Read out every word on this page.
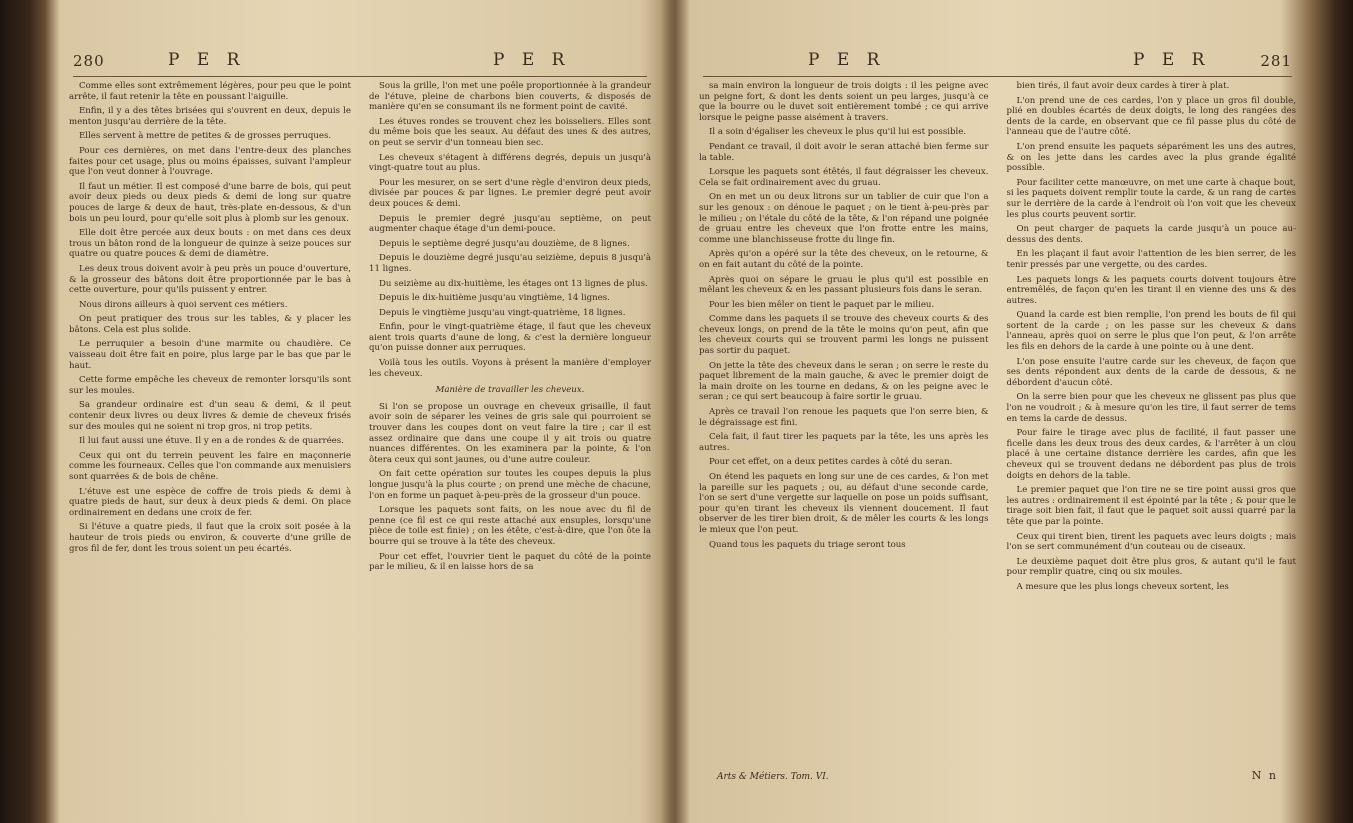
280	P E R	P E R

Comme elles sont extrêmement légères, pour peu que le point arrête, il faut retenir la tête en poussant l'aiguille.

Enfin, il y a des têtes brisées qui s'ouvrent en deux, depuis le menton jusqu'au derrière de la tête.

Elles servent à mettre de petites & de grosses perruques.

Pour ces dernières, on met dans l'entre-deux des planches faites pour cet usage, plus ou moins épaisses, suivant l'ampleur que l'on veut donner à l'ouvrage.

Il faut un métier. Il est composé d'une barre de bois, qui peut avoir deux pieds ou deux pieds & demi de long sur quatre pouces de large & deux de haut, très-plate en-dessous, & d'un bois un peu lourd, pour qu'elle soit plus à plomb sur les genoux.

Elle doit être percée aux deux bouts : on met dans ces deux trous un bâton rond de la longueur de quinze à seize pouces sur quatre ou quatre pouces & demi de diamètre.

Les deux trous doivent avoir à peu près un pouce d'ouverture, & la grosseur des bâtons doit être proportionnée par le bas à cette ouverture, pour qu'ils puissent y entrer.

Nous dirons ailleurs à quoi servent ces métiers.

On peut pratiquer des trous sur les tables, & y placer les bâtons. Cela est plus solide.

Le perruquier a besoin d'une marmite ou chaudière. Ce vaisseau doit être fait en poire, plus large par le bas que par le haut.

Cette forme empêche les cheveux de remonter lorsqu'ils sont sur les moules.

Sa grandeur ordinaire est d'un seau & demi, & il peut contenir deux livres ou deux livres & demie de cheveux frisés sur des moules qui ne soient ni trop gros, ni trop petits.

Il lui faut aussi une étuve. Il y en a de rondes & de quarrées.

Ceux qui ont du terrein peuvent les faire en maçonnerie comme les fourneaux. Celles que l'on commande aux menuisiers sont quarrées & de bois de chêne.

L'étuve est une espèce de coffre de trois pieds & demi à quatre pieds de haut, sur deux à deux pieds & demi. On place ordinairement en dedans une croix de fer.

Si l'étuve a quatre pieds, il faut que la croix soit posée à la hauteur de trois pieds ou environ, & couverte d'une grille de gros fil de fer, dont les trous soient un peu écartés.

Sous la grille, l'on met une poêle proportionnée à la grandeur de l'étuve, pleine de charbons bien couverts, & disposés de manière qu'en se consumant ils ne forment point de cavité.

Les étuves rondes se trouvent chez les boisseliers. Elles sont du même bois que les seaux. Au défaut des unes & des autres, on peut se servir d'un tonneau bien sec.

Les cheveux s'étagent à différens degrés, depuis un jusqu'à vingt-quatre tout au plus.

Pour les mesurer, on se sert d'une règle d'environ deux pieds, divisée par pouces & par lignes. Le premier degré peut avoir deux pouces & demi.

Depuis le premier degré jusqu'au septième, on peut augmenter chaque étage d'un demi-pouce.

Depuis le septième degré jusqu'au douzième, de 8 lignes.

Depuis le douzième degré jusqu'au seizième, depuis 8 jusqu'à 11 lignes.

Du seizième au dix-huitième, les étages ont 13 lignes de plus.

Depuis le dix-huitième jusqu'au vingtième, 14 lignes.

Depuis le vingtième jusqu'au vingt-quatrième, 18 lignes.

Enfin, pour le vingt-quatrième étage, il faut que les cheveux aient trois quarts d'aune de long, & c'est la dernière longueur qu'on puisse donner aux perruques.

Voilà tous les outils. Voyons à présent la manière d'employer les cheveux.

Manière de travailler les cheveux.

Si l'on se propose un ouvrage en cheveux grisaille, il faut avoir soin de séparer les veines de gris sale qui pourroient se trouver dans les coupes dont on veut faire la tire ; car il est assez ordinaire que dans une coupe il y ait trois ou quatre nuances différentes. On les examinera par la pointe, & l'on ôtera ceux qui sont jaunes, ou d'une autre couleur.

On fait cette opération sur toutes les coupes depuis la plus longue jusqu'à la plus courte ; on prend une mèche de chacune, l'on en forme un paquet à-peu-près de la grosseur d'un pouce.

Lorsque les paquets sont faits, on les noue avec du fil de penne (ce fil est ce qui reste attaché aux ensuples, lorsqu'une pièce de toile est finie) ; on les étête, c'est-à-dire, que l'on ôte la bourre qui se trouve à la tête des cheveux.

Pour cet effet, l'ouvrier tient le paquet du côté de la pointe par le milieu, & il en laisse hors de sa

P E R	P E R	281

sa main environ la longueur de trois doigts : il les peigne avec un peigne fort, & dont les dents soient un peu larges, jusqu'à ce que la bourre ou le duvet soit entièrement tombé ; ce qui arrive lorsque le peigne passe aisément à travers.

Il a soin d'égaliser les cheveux le plus qu'il lui est possible.

Pendant ce travail, il doit avoir le seran attaché bien ferme sur la table.

Lorsque les paquets sont étêtés, il faut dégraisser les cheveux. Cela se fait ordinairement avec du gruau.

On en met un ou deux litrons sur un tablier de cuir que l'on a sur les genoux : on dénoue le paquet ; on le tient à-peu-près par le milieu ; on l'étale du côté de la tête, & l'on répand une poignée de gruau entre les cheveux que l'on frotte entre les mains, comme une blanchisseuse frotte du linge fin.

Après qu'on a opéré sur la tête des cheveux, on le retourne, & on en fait autant du côté de la pointe.

Après quoi on sépare le gruau le plus qu'il est possible en mêlant les cheveux & en les passant plusieurs fois dans le seran.

Pour les bien mêler on tient le paquet par le milieu.

Comme dans les paquets il se trouve des cheveux courts & des cheveux longs, on prend de la tête le moins qu'on peut, afin que les cheveux courts qui se trouvent parmi les longs ne puissent pas sortir du paquet.

On jette la tête des cheveux dans le seran ; on serre le reste du paquet librement de la main gauche, & avec le premier doigt de la main droite on les tourne en dedans, & on les peigne avec le seran ; ce qui sert beaucoup à faire sortir le gruau.

Après ce travail l'on renoue les paquets que l'on serre bien, & le dégraissage est fini.

Cela fait, il faut tirer les paquets par la tête, les uns après les autres.

Pour cet effet, on a deux petites cardes à côté du seran.

On étend les paquets en long sur une de ces cardes, & l'on met la pareille sur les paquets ; ou, au défaut d'une seconde carde, l'on se sert d'une vergette sur laquelle on pose un poids suffisant, pour qu'en tirant les cheveux ils viennent doucement. Il faut observer de les tirer bien droit, & de mêler les courts & les longs le mieux que l'on peut.

Quand tous les paquets du triage seront tous

bien tirés, il faut avoir deux cardes à tirer à plat.

L'on prend une de ces cardes, l'on y place un gros fil double, plié en doubles écartés de deux doigts, le long des rangées des dents de la carde, en observant que ce fil passe plus du côté de l'anneau que de l'autre côté.

L'on prend ensuite les paquets séparément les uns des autres, & on les jette dans les cardes avec la plus grande égalité possible.

Pour faciliter cette manœuvre, on met une carte à chaque bout, si les paquets doivent remplir toute la carde, & un rang de cartes sur le derrière de la carde à l'endroit où l'on voit que les cheveux les plus courts peuvent sortir.

On peut charger de paquets la carde jusqu'à un pouce au-dessus des dents.

En les plaçant il faut avoir l'attention de les bien serrer, de les tenir pressés par une vergette, ou des cardes.

Les paquets longs & les paquets courts doivent toujours être entremêlés, de façon qu'en les tirant il en vienne des uns & des autres.

Quand la carde est bien remplie, l'on prend les bouts de fil qui sortent de la carde ; on les passe sur les cheveux & dans l'anneau, après quoi on serre le plus que l'on peut, & l'on arrête les fils en dehors de la carde à une pointe ou à une dent.

L'on pose ensuite l'autre carde sur les cheveux, de façon que ses dents répondent aux dents de la carde de dessous, & ne débordent d'aucun côté.

On la serre bien pour que les cheveux ne glissent pas plus que l'on ne voudroit ; & à mesure qu'on les tire, il faut serrer de tems en tems la carde de dessus.

Pour faire le tirage avec plus de facilité, il faut passer une ficelle dans les deux trous des deux cardes, & l'arrêter à un clou placé à une certaine distance derrière les cardes, afin que les cheveux qui se trouvent dedans ne débordent pas plus de trois doigts en dehors de la table.

Le premier paquet que l'on tire ne se tire point aussi gros que les autres : ordinairement il est épointé par la tête ; & pour que le tirage soit bien fait, il faut que le paquet soit aussi quarré par la tête que par la pointe.

Ceux qui tirent bien, tirent les paquets avec leurs doigts ; mais l'on se sert communément d'un couteau ou de ciseaux.

Le deuxième paquet doit être plus gros, & autant qu'il le faut pour remplir quatre, cinq ou six moules.

A mesure que les plus longs cheveux sortent, les

Arts & Métiers. Tom. VI.	N n
